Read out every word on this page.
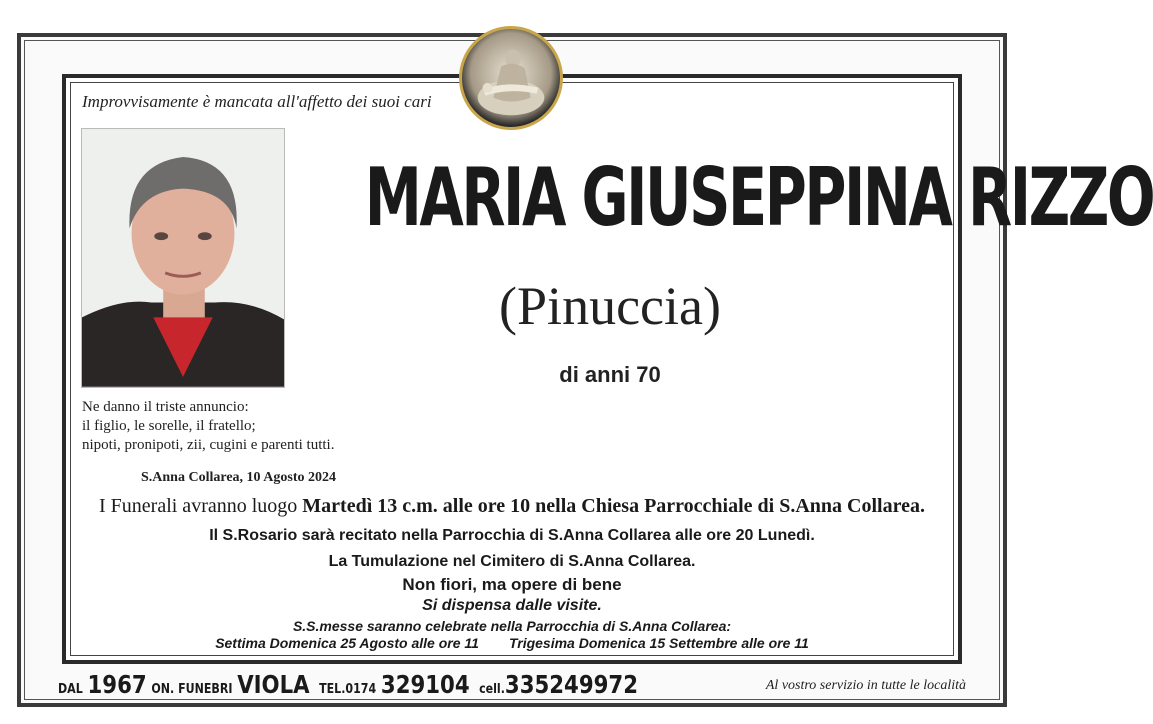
Improvvisamente è mancata all'affetto dei suoi cari
MARIA GIUSEPPINA RIZZO
(Pinuccia)
di anni 70
Ne danno il triste annuncio:
il figlio, le sorelle, il fratello;
nipoti, pronipoti, zii, cugini e parenti tutti.
S.Anna Collarea, 10 Agosto 2024
I Funerali avranno luogo Martedì 13 c.m. alle ore 10 nella Chiesa Parrocchiale di S.Anna Collarea.
Il S.Rosario sarà recitato nella Parrocchia di S.Anna Collarea alle ore 20 Lunedì.
La Tumulazione nel Cimitero di S.Anna Collarea.
Non fiori, ma opere di bene
Si dispensa dalle visite.
S.S.messe saranno celebrate nella Parrocchia di S.Anna Collarea:
Settima Domenica 25 Agosto alle ore 11 Trigesima Domenica 15 Settembre alle ore 11
DAL 1967 ON. FUNEBRI VIOLA TEL.0174 329104 cell.335249972	Al vostro servizio in tutte le località
